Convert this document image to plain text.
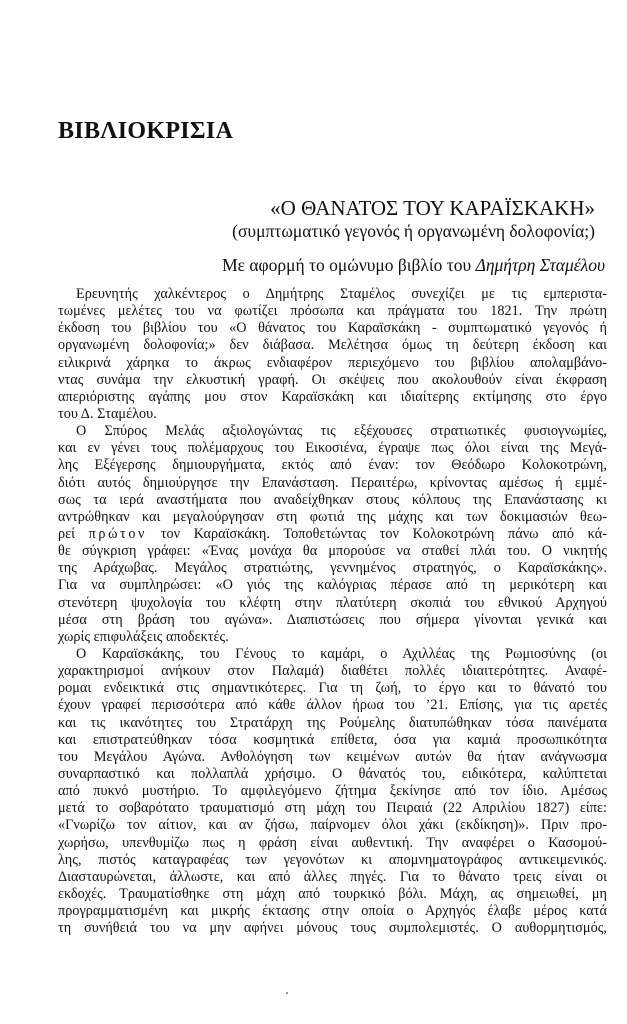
ΒΙΒΛΙΟΚΡΙΣΙΑ

«Ο ΘΑΝΑΤΟΣ ΤΟΥ ΚΑΡΑΪΣΚΑΚΗ»

(συμπτωματικό γεγονός ή οργανωμένη δολοφονία;)

Με αφορμή το ομώνυμο βιβλίο του Δημήτρη Σταμέλου

Ερευνητής χαλκέντερος ο Δημήτρης Σταμέλος συνεχίζει με τις εμπεριστα-
τωμένες μελέτες του να φωτίζει πρόσωπα και πράγματα του 1821. Την πρώτη
έκδοση του βιβλίου του «Ο θάνατος του Καραϊσκάκη - συμπτωματικό γεγονός ή
οργανωμένη δολοφονία;» δεν διάβασα. Μελέτησα όμως τη δεύτερη έκδοση και
ειλικρινά χάρηκα το άκρως ενδιαφέρον περιεχόμενο του βιβλίου απολαμβάνο-
ντας συνάμα την ελκυστική γραφή. Οι σκέψεις που ακολουθούν είναι έκφραση
απεριόριστης αγάπης μου στον Καραϊσκάκη και ιδιαίτερης εκτίμησης στο έργο
του Δ. Σταμέλου.
Ο Σπύρος Μελάς αξιολογώντας τις εξέχουσες στρατιωτικές φυσιογνωμίες,
και εν γένει τους πολέμαρχους του Εικοσιένα, έγραψε πως όλοι είναι της Μεγά-
λης Εξέγερσης δημιουργήματα, εκτός από έναν: τον Θεόδωρο Κολοκοτρώνη,
διότι αυτός δημιούργησε την Επανάσταση. Περαιτέρω, κρίνοντας αμέσως ή εμμέ-
σως τα ιερά αναστήματα που αναδείχθηκαν στους κόλπους της Επανάστασης κι
αντρώθηκαν και μεγαλούργησαν στη φωτιά της μάχης και των δοκιμασιών θεω-
ρεί πρώτον τον Καραϊσκάκη. Τοποθετώντας τον Κολοκοτρώνη πάνω από κά-
θε σύγκριση γράφει: «Ένας μονάχα θα μπορούσε να σταθεί πλάι του. Ο νικητής
της Αράχωβας. Μεγάλος στρατιώτης, γεννημένος στρατηγός, ο Καραϊσκάκης».
Για να συμπληρώσει: «Ο γιός της καλόγριας πέρασε από τη μερικότερη και
στενότερη ψυχολογία του κλέφτη στην πλατύτερη σκοπιά του εθνικού Αρχηγού
μέσα στη βράση του αγώνα». Διαπιστώσεις που σήμερα γίνονται γενικά και
χωρίς επιφυλάξεις αποδεκτές.
Ο Καραϊσκάκης, του Γένους το καμάρι, ο Αχιλλέας της Ρωμιοσύνης (οι
χαρακτηρισμοί ανήκουν στον Παλαμά) διαθέτει πολλές ιδιαιτερότητες. Αναφέ-
ρομαι ενδεικτικά στις σημαντικότερες. Για τη ζωή, το έργο και το θάνατό του
έχουν γραφεί περισσότερα από κάθε άλλον ήρωα του ’21. Επίσης, για τις αρετές
και τις ικανότητες του Στρατάρχη της Ρούμελης διατυπώθηκαν τόσα παινέματα
και επιστρατεύθηκαν τόσα κοσμητικά επίθετα, όσα για καμιά προσωπικότητα
του Μεγάλου Αγώνα. Ανθολόγηση των κειμένων αυτών θα ήταν ανάγνωσμα
συναρπαστικό και πολλαπλά χρήσιμο. Ο θάνατός του, ειδικότερα, καλύπτεται
από πυκνό μυστήριο. Το αμφιλεγόμενο ζήτημα ξεκίνησε από τον ίδιο. Αμέσως
μετά το σοβαρότατο τραυματισμό στη μάχη του Πειραιά (22 Απριλίου 1827) είπε:
«Γνωρίζω τον αίτιον, και αν ζήσω, παίρνομεν όλοι χάκι (εκδίκηση)». Πριν προ-
χωρήσω, υπενθυμίζω πως η φράση είναι αυθεντική. Την αναφέρει ο Κασομού-
λης, πιστός καταγραφέας των γεγονότων κι απομνηματογράφος αντικειμενικός.
Διασταυρώνεται, άλλωστε, και από άλλες πηγές. Για το θάνατο τρεις είναι οι
εκδοχές. Τραυματίσθηκε στη μάχη από τουρκικό βόλι. Μάχη, ας σημειωθεί, μη
προγραμματισμένη και μικρής έκτασης στην οποία ο Αρχηγός έλαβε μέρος κατά
τη συνήθειά του να μην αφήνει μόνους τους συμπολεμιστές. Ο αυθορμητισμός,
